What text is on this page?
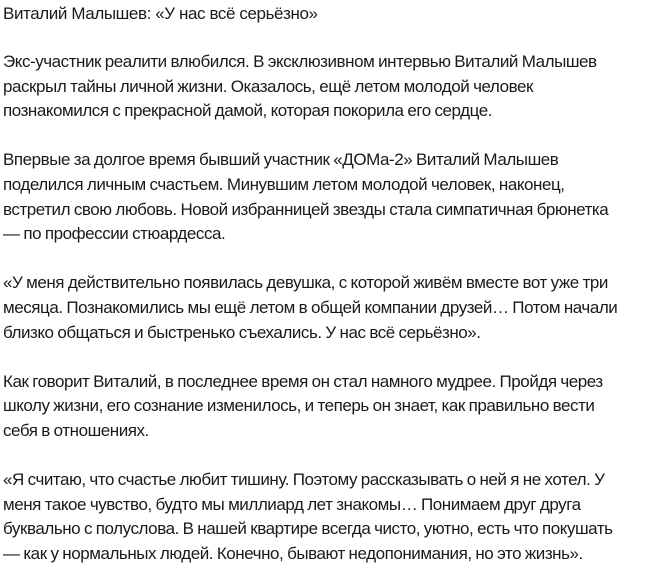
Виталий Малышев: «У нас всё серьёзно»

Экс-участник реалити влюбился. В эксклюзивном интервью Виталий Малышев
раскрыл тайны личной жизни. Оказалось, ещё летом молодой человек
познакомился с прекрасной дамой, которая покорила его сердце.

Впервые за долгое время бывший участник «ДОМа-2» Виталий Малышев
поделился личным счастьем. Минувшим летом молодой человек, наконец,
встретил свою любовь. Новой избранницей звезды стала симпатичная брюнетка
— по профессии стюардесса.

«У меня действительно появилась девушка, с которой живём вместе вот уже три
месяца. Познакомились мы ещё летом в общей компании друзей… Потом начали
близко общаться и быстренько съехались. У нас всё серьёзно».

Как говорит Виталий, в последнее время он стал намного мудрее. Пройдя через
школу жизни, его сознание изменилось, и теперь он знает, как правильно вести
себя в отношениях.

«Я считаю, что счастье любит тишину. Поэтому рассказывать о ней я не хотел. У
меня такое чувство, будто мы миллиард лет знакомы… Понимаем друг друга
буквально с полуслова. В нашей квартире всегда чисто, уютно, есть что покушать
— как у нормальных людей. Конечно, бывают недопонимания, но это жизнь».
